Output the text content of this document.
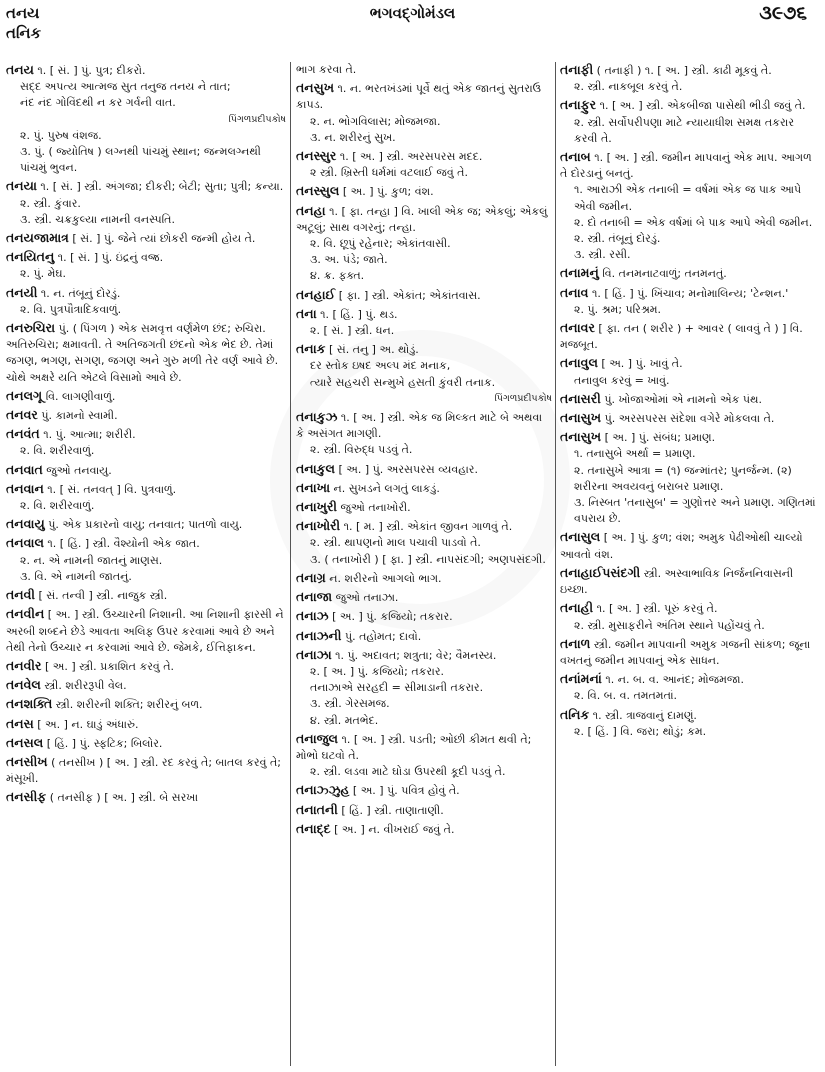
તનય
તનિક
ભગવદ્ગોમંડલ	૩૯૭૬
તનય ૧. [ સં. ] પું. પુત્ર; દીકરો.
સદ્દ અપત્ય આત્મજ સુત તનુજ તનય ને તાત;
નંદ નંદ ગોવિંદથી ન કર ગર્વની વાત.
પિંગળપ્રદીપકોષ
૨. પું. પુરુષ વંશજ.
૩. પું. ( જ્યોતિષ ) લગ્નથી પાંચમું સ્થાન; જન્મલગ્નથી પાંચમું ભુવન.
તનયા ૧. [ સં. ] સ્ત્રી. અંગજા; દીકરી; બેટી; સુતા; પુત્રી; કન્યા.
૨. સ્ત્રી. કુંવાર.
૩. સ્ત્રી. ચક્રકુલ્યા નામની વનસ્પતિ.
તનયજામાત્ર [ સં. ] પું. જેને ત્યાં છોકરી જન્મી હોય તે.
તનયિતનુ ૧. [ સં. ] પું. ઇંદ્રનું વજ્ર.
૨. પું. મેઘ.
તનયી ૧. ન. તંબૂનું દોરડું.
૨. વિ. પુત્રપૌત્રાદિકવાળું.
તનરુચિરા પું. ( પિંગળ ) એક સમવૃત્ત વર્ણમેળ છંદ; રુચિરા. અતિરુચિરા; ક્ષમાવતી. તે અતિજગતી છંદનો એક ભેદ છે. તેમાં જગણ, ભગણ, સગણ, જગણ અને ગુરુ મળી તેર વર્ણ આવે છે. ચોથે અક્ષરે યતિ એટલે વિસામો આવે છે.
તનલગૂ વિ. લાગણીવાળું.
તનવર પું. કામનો સ્વામી.
તનવંત ૧. પું. આત્મા; શરીરી.
૨. વિ. શરીરવાળું.
તનવાત જુઓ તનવાયુ.
તનવાન ૧. [ સં. તનવત્ ] વિ. પુત્રવાળું.
૨. વિ. શરીરવાળું.
તનવાયુ પું. એક પ્રકારનો વાયુ; તનવાત; પાતળો વાયુ.
તનવાલ ૧. [ હિં. ] સ્ત્રી. વૈશ્યોની એક જાત.
૨. ન. એ નામની જાતનું માણસ.
૩. વિ. એ નામની જાતનું.
તનવી [ સં. તન્વી ] સ્ત્રી. નાજુક સ્ત્રી.
તનવીન [ અ. ] સ્ત્રી. ઉચ્ચારની નિશાની. આ નિશાની ફારસી ને અરબી શબ્દને છેડે આવતા અલિફ ઉપર કરવામાં આવે છે અને તેથી તેનો ઉચ્ચાર ન કરવામાં આવે છે. જેમકે, ઈત્તિફાકન.
તનવીર [ અ. ] સ્ત્રી. પ્રકાશિત કરવું તે.
તનવેલ સ્ત્રી. શરીરરૂપી વેલ.
તનશક્તિ સ્ત્રી. શરીરની શક્તિ; શરીરનું બળ.
તનસ [ અ. ] ન. ઘાડું અંધારું.
તનસલ [ હિં. ] પું. સ્ફટિક; બિલોર.
તનસીખ ( તનસીખ ) [ અ. ] સ્ત્રી. રદ કરવું તે; બાતલ કરવું તે; મંસૂખી.
તનસીફ ( તનસીફ ) [ અ. ] સ્ત્રી. બે સરખા
ભાગ કરવા તે.
તનસુખ ૧. ન. ભરતખંડમાં પૂર્વે થતું એક જાતનું સુતરાઉ કાપડ.
૨. ન. ભોગવિલાસ; મોજમજા.
૩. ન. શરીરનું સુખ.
તનસ્સુર ૧. [ અ. ] સ્ત્રી. અરસપરસ મદદ.
૨ સ્ત્રી. ખ્રિસ્તી ધર્મમાં વટલાઈ જવું તે.
તનસ્સુલ [ અ. ] પું. કુળ; વંશ.
તનહા ૧. [ ફા. તન્હા ] વિ. ખાલી એક જ; એકલું; એકલું અટૂલું; સાથ વગરનું; તન્હા.
૨. વિ. છૂપું રહેનાર; એકાંતવાસી.
૩. અ. પંડે; જાતે.
૪. ક્ર. ફક્ત.
તનહાઈ [ ફા. ] સ્ત્રી. એકાંત; એકાંતવાસ.
તના ૧. [ હિં. ] પું. થડ.
૨. [ સં. ] સ્ત્રી. ધન.
તનાક [ સં. તનુ ] અ. થોડું.
દર સ્તોક ઇષદ અલ્પ મંદ મનાક,
ત્યારે સહચરી સન્મુખે હસતી કુંવરી તનાક.
પિંગળપ્રદીપકોષ
તનાકુઝ ૧. [ અ. ] સ્ત્રી. એક જ મિલ્કત માટે બે અથવા કે અસંગત માગણી.
૨. સ્ત્રી. વિરુદ્ધ પડવું તે.
તનાકુલ [ અ. ] પું. અરસપરસ વ્યવહાર.
તનાખા ન. સુખડને લગતું લાકડું.
તનાખુરી જુઓ તનાખોરી.
તનાખોરી ૧. [ મ. ] સ્ત્રી. એકાંત જીવન ગાળવું તે.
૨. સ્ત્રી. થાપણનો માલ પચાવી પાડવો તે.
૩. ( તનાખોરી ) [ ફા. ] સ્ત્રી. નાપસંદગી; અણપસંદગી.
તનાગ્ર ન. શરીરનો આગલો ભાગ.
તનાજા જુઓ તનાઝા.
તનાઝ [ અ. ] પું. કજિયો; તકરાર.
તનાઝની પું. તહોમત; દાવો.
તનાઝા ૧. પું. અદાવત; શત્રુતા; વેર; વૈમનસ્ય.
૨. [ અ. ] પું. કજિયો; તકરાર.
તનાઝાએ સરહદી = સીમાડાની તકરાર.
૩. સ્ત્રી. ગેરસમજ.
૪. સ્ત્રી. મતભેદ.
તનાજુલ ૧. [ અ. ] સ્ત્રી. પડતી; ઓછી કીમત થવી તે; મોભો ઘટવો તે.
૨. સ્ત્રી. લડવા માટે ઘોડા ઉપરથી કૂદી પડવું તે.
તનાઝ્ઝુહ [ અ. ] પું. પવિત્ર હોવું તે.
તનાતની [ હિં. ] સ્ત્રી. તાણાતાણી.
તનાદ્દ [ અ. ] ન. વીખરાઈ જવું તે.
તનાફી ( તનાફી ) ૧. [ અ. ] સ્ત્રી. કાઢી મૂકવું તે.
૨. સ્ત્રી. નાકબૂલ કરવું તે.
તનાફુર ૧. [ અ. ] સ્ત્રી. એકબીજા પાસેથી ભીડી જવું તે.
૨. સ્ત્રી. સર્વોપરીપણા માટે ન્યાયાધીશ સમક્ષ તકરાર કરવી તે.
તનાબ ૧. [ અ. ] સ્ત્રી. જમીન માપવાનું એક માપ. આગળ તે દોરડાનું બનતું.
૧. આરાઝી એક તનાબી = વર્ષમાં એક જ પાક આપે એવી જમીન.
૨. દો તનાબી = એક વર્ષમાં બે પાક આપે એવી જમીન.
૨. સ્ત્રી. તંબૂનું દોરડું.
૩. સ્ત્રી. રસી.
તનામનું વિ. તનમનાટવાળું; તનમનતું.
તનાવ ૧. [ હિં. ] પું. ખિંચાવ; મનોમાલિન્ય; 'ટેન્શન.'
૨. પું. શ્રમ; પરિશ્રમ.
તનાવર [ ફા. તન ( શરીર ) + આવર ( લાવવું તે ) ] વિ. મજબૂત.
તનાવુલ [ અ. ] પું. ખાવું તે.
તનાવુલ કરવું = ખાવું.
તનાસરી પું. ખોજાઓમાં એ નામનો એક પંથ.
તનાસુખ પું. અરસપરસ સંદેશા વગેરે મોકલવા તે.
તનાસુખ [ અ. ] પું. સંબંધ; પ્રમાણ.
૧. તનાસુબે અર્થા = પ્રમાણ.
૨. તનાસુખે આત્રા = (૧) જન્માંતર; પુનર્જન્મ. (૨) શરીરના અવયવનું બરાબર પ્રમાણ.
૩. નિસ્બત 'તનાસુબ' = ગુણોત્તર અને પ્રમાણ. ગણિતમાં વપરાય છે.
તનાસુલ [ અ. ] પું. કુળ; વંશ; અમુક પેઢીઓથી ચાલ્યો આવતો વંશ.
તનાહાઈપસંદગી સ્ત્રી. અસ્વાભાવિક નિર્જનનિવાસની ઇચ્છા.
તનાહી ૧. [ અ. ] સ્ત્રી. પૂરું કરવું તે.
૨. સ્ત્રી. મુસાફરીને અંતિમ સ્થાને પહોંચવું તે.
તનાળ સ્ત્રી. જમીન માપવાની અમુક ગજની સાંકળ; જૂના વખતનું જમીન માપવાનું એક સાધન.
તનાંમનાં ૧. ન. બ. વ. આનંદ; મોજમજા.
૨. વિ. બ. વ. તમતમતાં.
તનિક ૧. સ્ત્રી. ત્રાજવાનું દામણું.
૨. [ હિં. ] વિ. જરા; થોડું; કમ.
